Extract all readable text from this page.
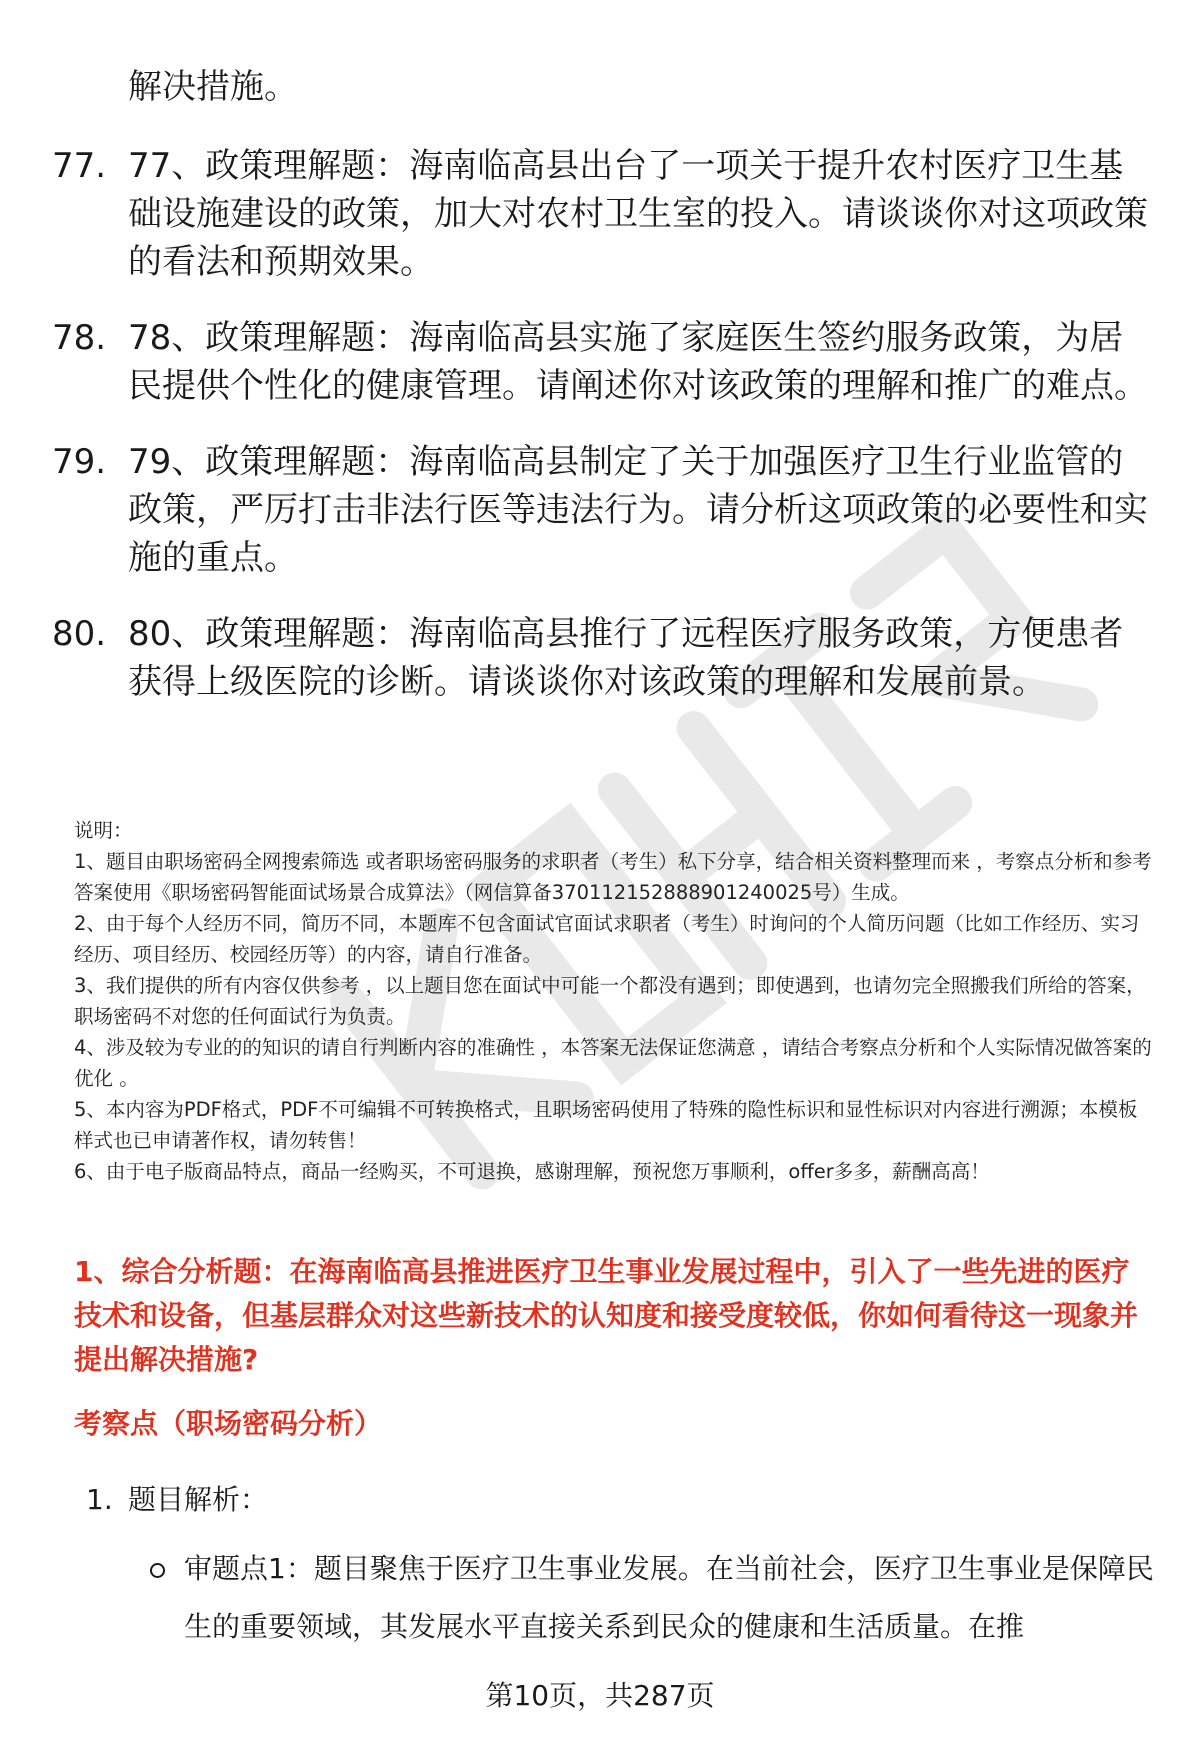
解决措施。
77. 77、政策理解题：海南临高县出台了一项关于提升农村医疗卫生基础设施建设的政策，加大对农村卫生室的投入。请谈谈你对这项政策的看法和预期效果。
78. 78、政策理解题：海南临高县实施了家庭医生签约服务政策，为居民提供个性化的健康管理。请阐述你对该政策的理解和推广的难点。
79. 79、政策理解题：海南临高县制定了关于加强医疗卫生行业监管的政策，严厉打击非法行医等违法行为。请分析这项政策的必要性和实施的重点。
80. 80、政策理解题：海南临高县推行了远程医疗服务政策，方便患者获得上级医院的诊断。请谈谈你对该政策的理解和发展前景。

说明：

1、题目由职场密码全网搜索筛选 或者职场密码服务的求职者（考生）私下分享，结合相关资料整理而来 ，考察点分析和参考答案使用《职场密码智能面试场景合成算法》（网信算备370112152888901240025号）生成。

2、由于每个人经历不同，简历不同，本题库不包含面试官面试求职者（考生）时询问的个人简历问题（比如工作经历、实习经历、项目经历、校园经历等）的内容，请自行准备。

3、我们提供的所有内容仅供参考 ，以上题目您在面试中可能一个都没有遇到；即使遇到，也请勿完全照搬我们所给的答案，职场密码不对您的任何面试行为负责。

4、涉及较为专业的的知识的请自行判断内容的准确性 ，本答案无法保证您满意 ，请结合考察点分析和个人实际情况做答案的优化 。

5、本内容为PDF格式，PDF不可编辑不可转换格式，且职场密码使用了特殊的隐性标识和显性标识对内容进行溯源；本模板样式也已申请著作权，请勿转售！

6、由于电子版商品特点，商品一经购买，不可退换，感谢理解，预祝您万事顺利，offer多多，薪酬高高！

1、综合分析题：在海南临高县推进医疗卫生事业发展过程中，引入了一些先进的医疗技术和设备，但基层群众对这些新技术的认知度和接受度较低，你如何看待这一现象并提出解决措施?
考察点（职场密码分析）
1. 题目解析：
审题点1：题目聚焦于医疗卫生事业发展。在当前社会，医疗卫生事业是保障民生的重要领域，其发展水平直接关系到民众的健康和生活质量。在推
第10页，共287页
